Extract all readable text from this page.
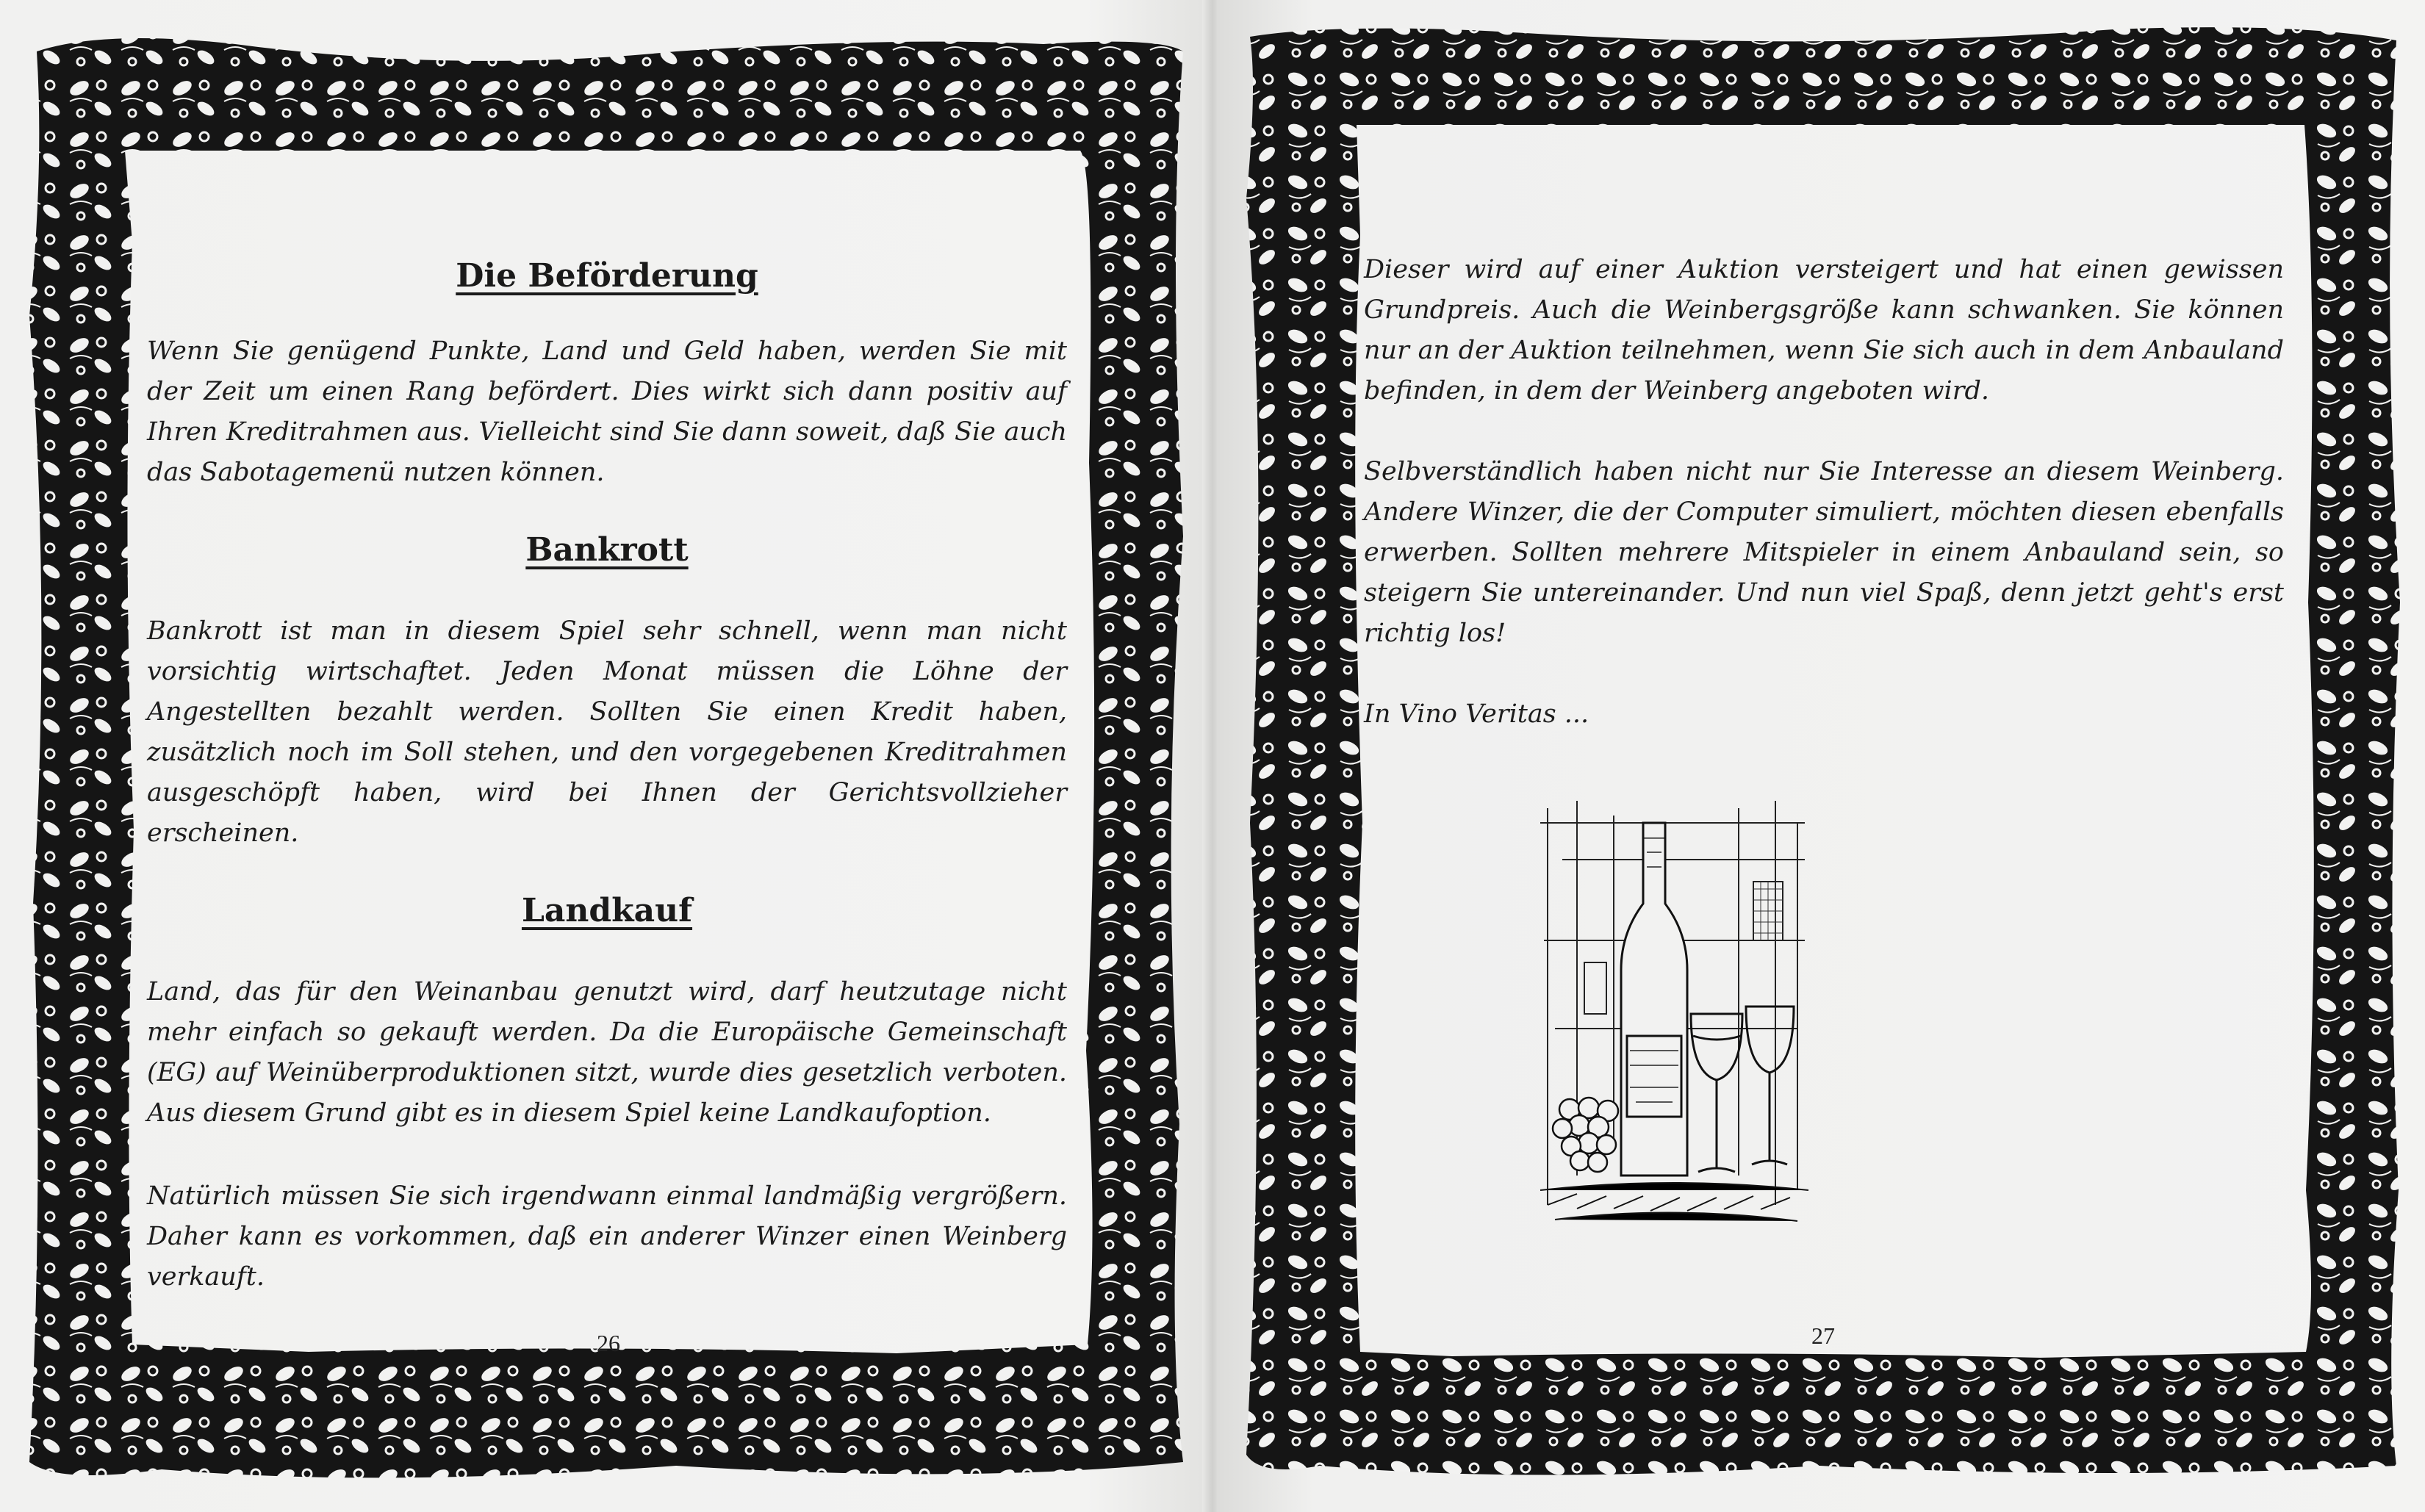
Die Beförderung

Wenn Sie genügend Punkte, Land und Geld haben, werden Sie mit der Zeit um einen Rang befördert. Dies wirkt sich dann positiv auf Ihren Kreditrahmen aus. Vielleicht sind Sie dann soweit, daß Sie auch das Sabotagemenü nutzen können.

Bankrott

Bankrott ist man in diesem Spiel sehr schnell, wenn man nicht vorsichtig wirtschaftet. Jeden Monat müssen die Löhne der Angestellten bezahlt werden. Sollten Sie einen Kredit haben, zusätzlich noch im Soll stehen, und den vorgegebenen Kreditrahmen ausgeschöpft haben, wird bei Ihnen der Gerichtsvollzieher erscheinen.

Landkauf

Land, das für den Weinanbau genutzt wird, darf heutzutage nicht mehr einfach so gekauft werden. Da die Europäische Gemeinschaft (EG) auf Weinüberproduktionen sitzt, wurde dies gesetzlich verboten. Aus diesem Grund gibt es in diesem Spiel keine Landkaufoption.

Natürlich müssen Sie sich irgendwann einmal landmäßig vergrößern. Daher kann es vorkommen, daß ein anderer Winzer einen Weinberg verkauft.

26

Dieser wird auf einer Auktion versteigert und hat einen gewissen Grundpreis. Auch die Weinbergsgröße kann schwanken. Sie können nur an der Auktion teilnehmen, wenn Sie sich auch in dem Anbauland befinden, in dem der Weinberg angeboten wird.

Selbverständlich haben nicht nur Sie Interesse an diesem Weinberg. Andere Winzer, die der Computer simuliert, möchten diesen ebenfalls erwerben. Sollten mehrere Mitspieler in einem Anbauland sein, so steigern Sie untereinander. Und nun viel Spaß, denn jetzt geht's erst richtig los!

In Vino Veritas ...

27
